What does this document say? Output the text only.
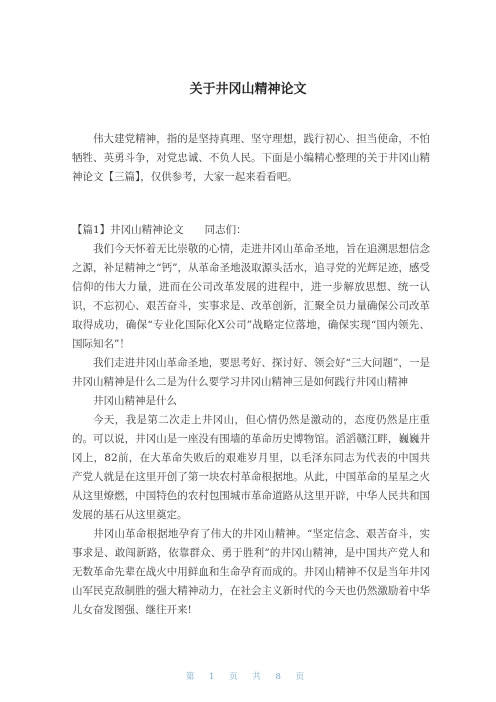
关于井冈山精神论文

伟大建党精神，指的是坚持真理、坚守理想，践行初心、担当使命，不怕牺牲、英勇斗争，对党忠诚、不负人民。下面是小编精心整理的关于井冈山精神论文【三篇】，仅供参考，大家一起来看看吧。

【篇1】井冈山精神论文　　同志们：

我们今天怀着无比崇敬的心情，走进井冈山革命圣地，旨在追溯思想信念之源，补足精神之“钙”，从革命圣地汲取源头活水，追寻党的光辉足迹，感受信仰的伟大力量，进而在公司改革发展的进程中，进一步解放思想、统一认识，不忘初心、艰苦奋斗，实事求是、改革创新，汇聚全员力量确保公司改革取得成功，确保“专业化国际化X公司”战略定位落地，确保实现“国内领先、国际知名”！

我们走进井冈山革命圣地，要思考好、探讨好、领会好“三大问题”，一是井冈山精神是什么二是为什么要学习井冈山精神三是如何践行井冈山精神

井冈山精神是什么

今天，我是第二次走上井冈山，但心情仍然是激动的，态度仍然是庄重的。可以说，井冈山是一座没有围墙的革命历史博物馆。滔滔赣江畔，巍巍井冈上，82前，在大革命失败后的艰难岁月里，以毛泽东同志为代表的中国共产党人就是在这里开创了第一块农村革命根据地。从此，中国革命的星星之火从这里燎燃，中国特色的农村包围城市革命道路从这里开辟，中华人民共和国发展的基石从这里奠定。

井冈山革命根据地孕育了伟大的井冈山精神。“坚定信念、艰苦奋斗，实事求是、敢闯新路，依靠群众、勇于胜利”的井冈山精神，是中国共产党人和无数革命先辈在战火中用鲜血和生命孕育而成的。井冈山精神不仅是当年井冈山军民克敌制胜的强大精神动力，在社会主义新时代的今天也仍然激励着中华儿女奋发图强、继往开来!

第 1 页 共 8 页
